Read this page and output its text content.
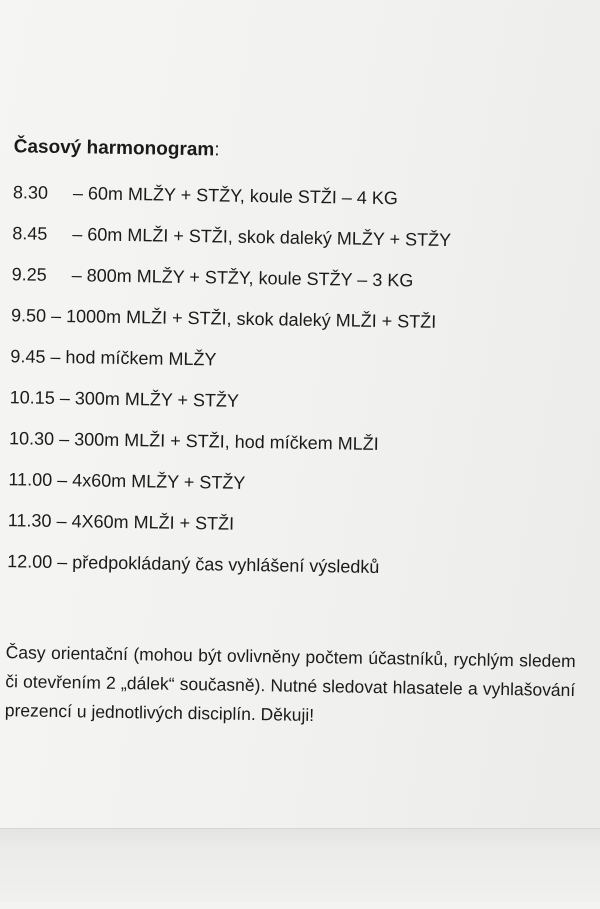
Časový harmonogram:
8.30 – 60m MLŽY + STŽY, koule STŽI – 4 KG
8.45 – 60m MLŽI + STŽI, skok daleký MLŽY + STŽY
9.25 – 800m MLŽY + STŽY, koule STŽY – 3 KG
9.50 – 1000m MLŽI + STŽI, skok daleký MLŽI + STŽI
9.45 – hod míčkem MLŽY
10.15 – 300m MLŽY + STŽY
10.30 – 300m MLŽI + STŽI, hod míčkem MLŽI
11.00 – 4x60m MLŽY + STŽY
11.30 – 4X60m MLŽI + STŽI
12.00 – předpokládaný čas vyhlášení výsledků

Časy orientační (mohou být ovlivněny počtem účastníků, rychlým sledem či otevřením 2 „dálek“ současně). Nutné sledovat hlasatele a vyhlašování prezencí u jednotlivých disciplín. Děkuji!
